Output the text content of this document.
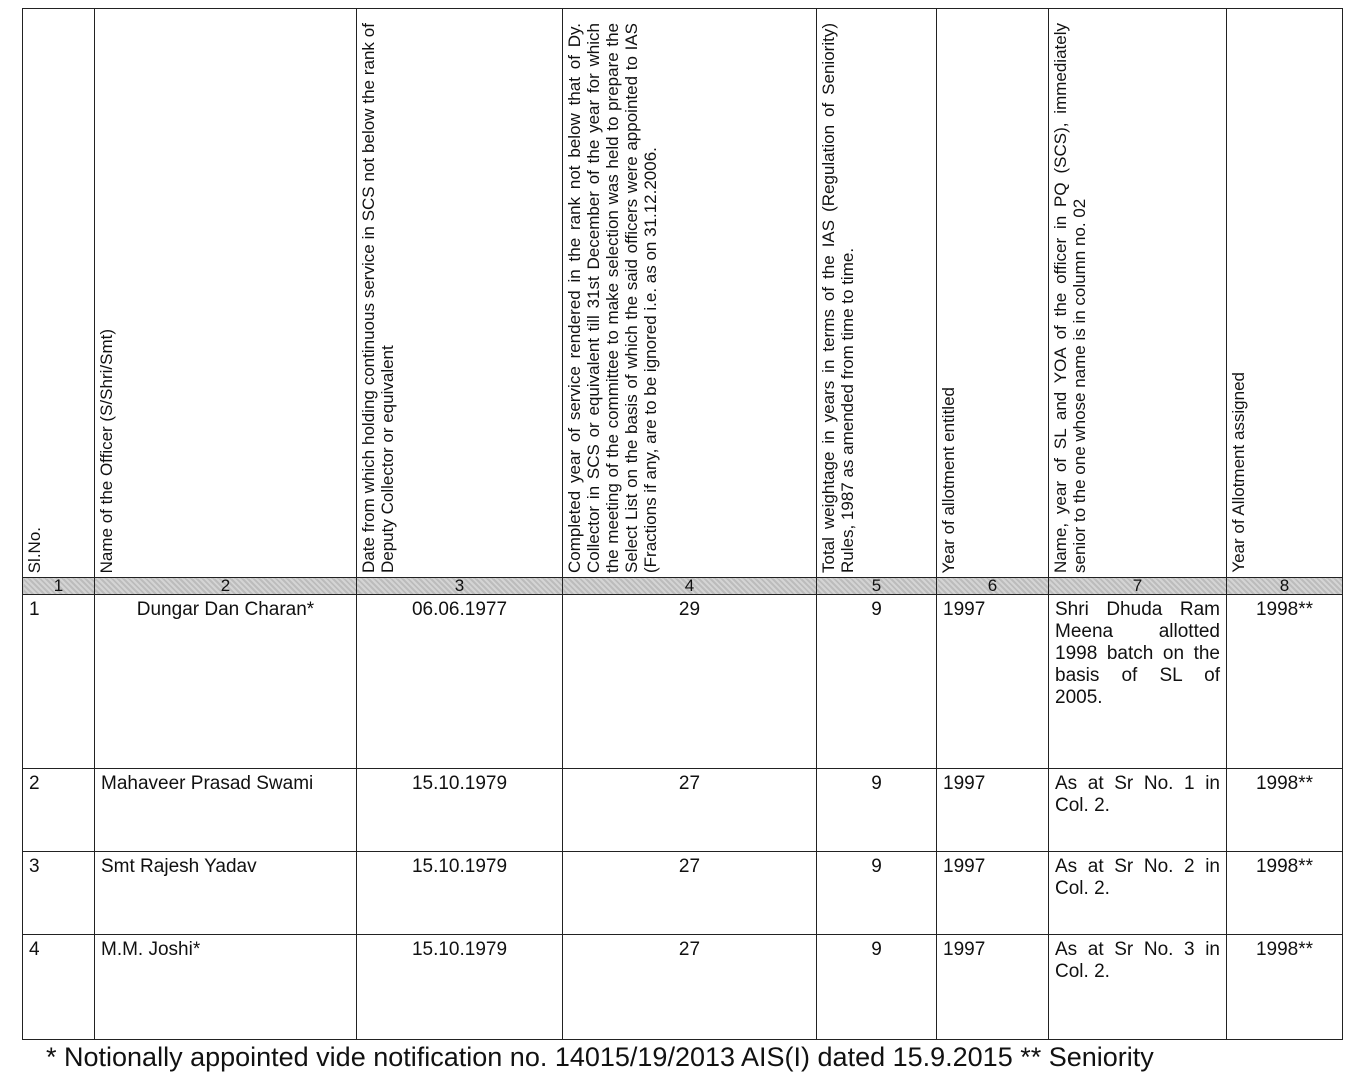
Sl.No.	Name of the Officer (S/Shri/Smt)	Date from which holding continuous service in SCS not below the rank of Deputy Collector or equivalent	Completed year of service rendered in the rank not below that of Dy. Collector in SCS or equivalent till 31st December of the year for which the meeting of the committee to make selection was held to prepare the Select List on the basis of which the said officers were appointed to IAS (Fractions if any, are to be ignored i.e. as on 31.12.2006.	Total weightage in years in terms of the IAS (Regulation of Seniority) Rules, 1987 as amended from time to time.	Year of allotment entitled	Name, year of SL and YOA of the officer in PQ (SCS), immediately senior to the one whose name is in column no. 02	Year of Allotment assigned

1	2	3	4	5	6	7	8
1	Dungar Dan Charan*	06.06.1977	29	9	1997	Shri Dhuda Ram Meena allotted 1998 batch on the basis of SL of 2005.	1998**
2	Mahaveer Prasad Swami	15.10.1979	27	9	1997	As at Sr No. 1 in Col. 2.	1998**
3	Smt Rajesh Yadav	15.10.1979	27	9	1997	As at Sr No. 2 in Col. 2.	1998**
4	M.M. Joshi*	15.10.1979	27	9	1997	As at Sr No. 3 in Col. 2.	1998**
* Notionally appointed vide notification no. 14015/19/2013 AIS(I) dated 15.9.2015 ** Seniority
